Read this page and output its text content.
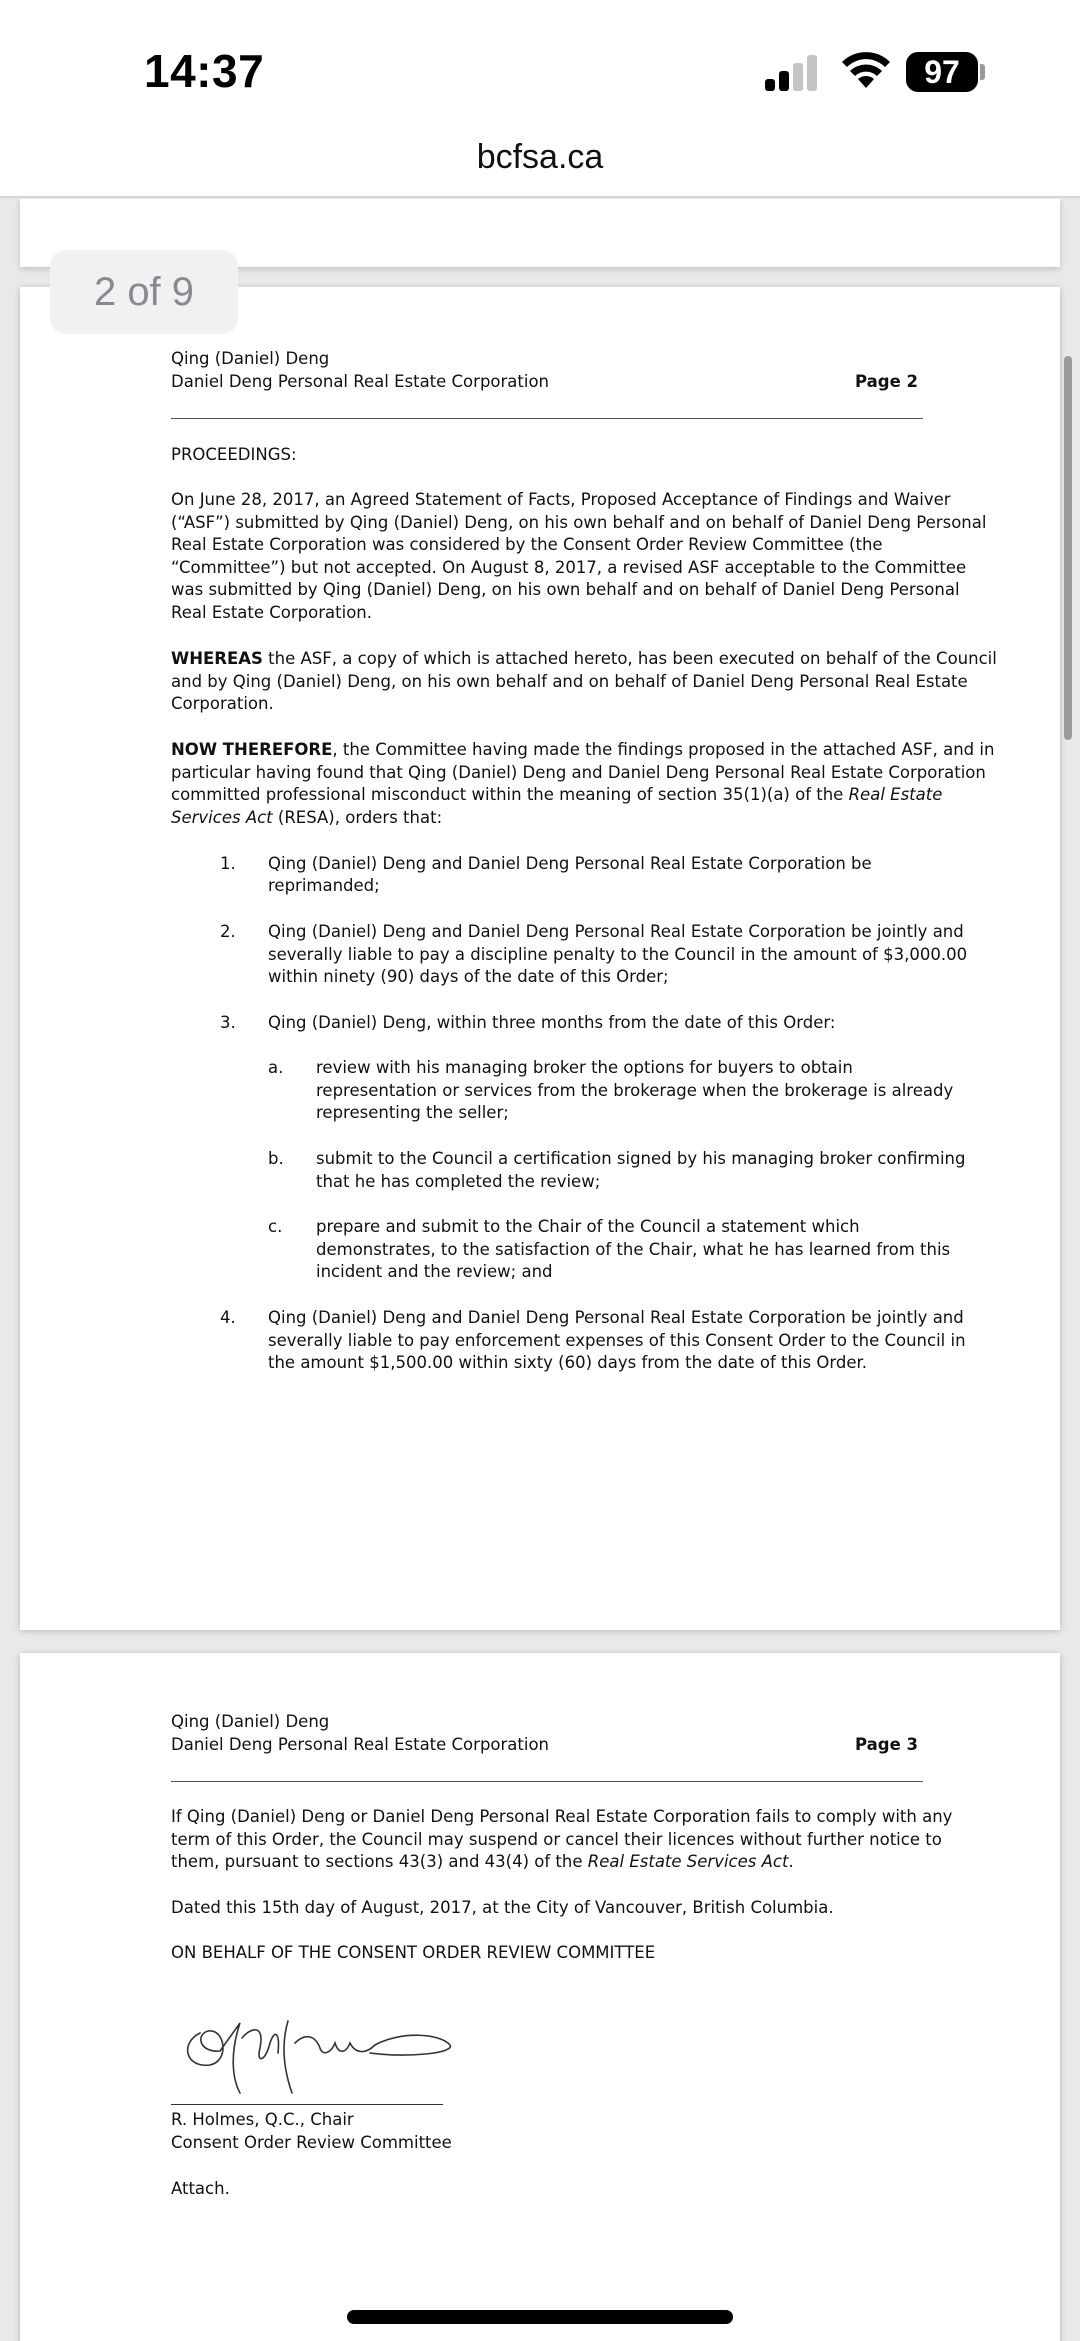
14:37	97
bcfsa.ca
Qing (Daniel) Deng
Daniel Deng Personal Real Estate Corporation	Page 2
PROCEEDINGS:
On June 28, 2017, an Agreed Statement of Facts, Proposed Acceptance of Findings and Waiver
(“ASF”) submitted by Qing (Daniel) Deng, on his own behalf and on behalf of Daniel Deng Personal
Real Estate Corporation was considered by the Consent Order Review Committee (the
“Committee”) but not accepted. On August 8, 2017, a revised ASF acceptable to the Committee
was submitted by Qing (Daniel) Deng, on his own behalf and on behalf of Daniel Deng Personal
Real Estate Corporation.
WHEREAS the ASF, a copy of which is attached hereto, has been executed on behalf of the Council
and by Qing (Daniel) Deng, on his own behalf and on behalf of Daniel Deng Personal Real Estate
Corporation.
NOW THEREFORE, the Committee having made the findings proposed in the attached ASF, and in
particular having found that Qing (Daniel) Deng and Daniel Deng Personal Real Estate Corporation
committed professional misconduct within the meaning of section 35(1)(a) of the Real Estate
Services Act (RESA), orders that:
1. Qing (Daniel) Deng and Daniel Deng Personal Real Estate Corporation be
reprimanded;
2. Qing (Daniel) Deng and Daniel Deng Personal Real Estate Corporation be jointly and
severally liable to pay a discipline penalty to the Council in the amount of $3,000.00
within ninety (90) days of the date of this Order;
3. Qing (Daniel) Deng, within three months from the date of this Order:
a. review with his managing broker the options for buyers to obtain
representation or services from the brokerage when the brokerage is already
representing the seller;
b. submit to the Council a certification signed by his managing broker confirming
that he has completed the review;
c. prepare and submit to the Chair of the Council a statement which
demonstrates, to the satisfaction of the Chair, what he has learned from this
incident and the review; and
4. Qing (Daniel) Deng and Daniel Deng Personal Real Estate Corporation be jointly and
severally liable to pay enforcement expenses of this Consent Order to the Council in
the amount $1,500.00 within sixty (60) days from the date of this Order.
Qing (Daniel) Deng
Daniel Deng Personal Real Estate Corporation	Page 3
If Qing (Daniel) Deng or Daniel Deng Personal Real Estate Corporation fails to comply with any
term of this Order, the Council may suspend or cancel their licences without further notice to
them, pursuant to sections 43(3) and 43(4) of the Real Estate Services Act.
Dated this 15th day of August, 2017, at the City of Vancouver, British Columbia.
ON BEHALF OF THE CONSENT ORDER REVIEW COMMITTEE
R. Holmes, Q.C., Chair
Consent Order Review Committee
Attach.
2 of 9
